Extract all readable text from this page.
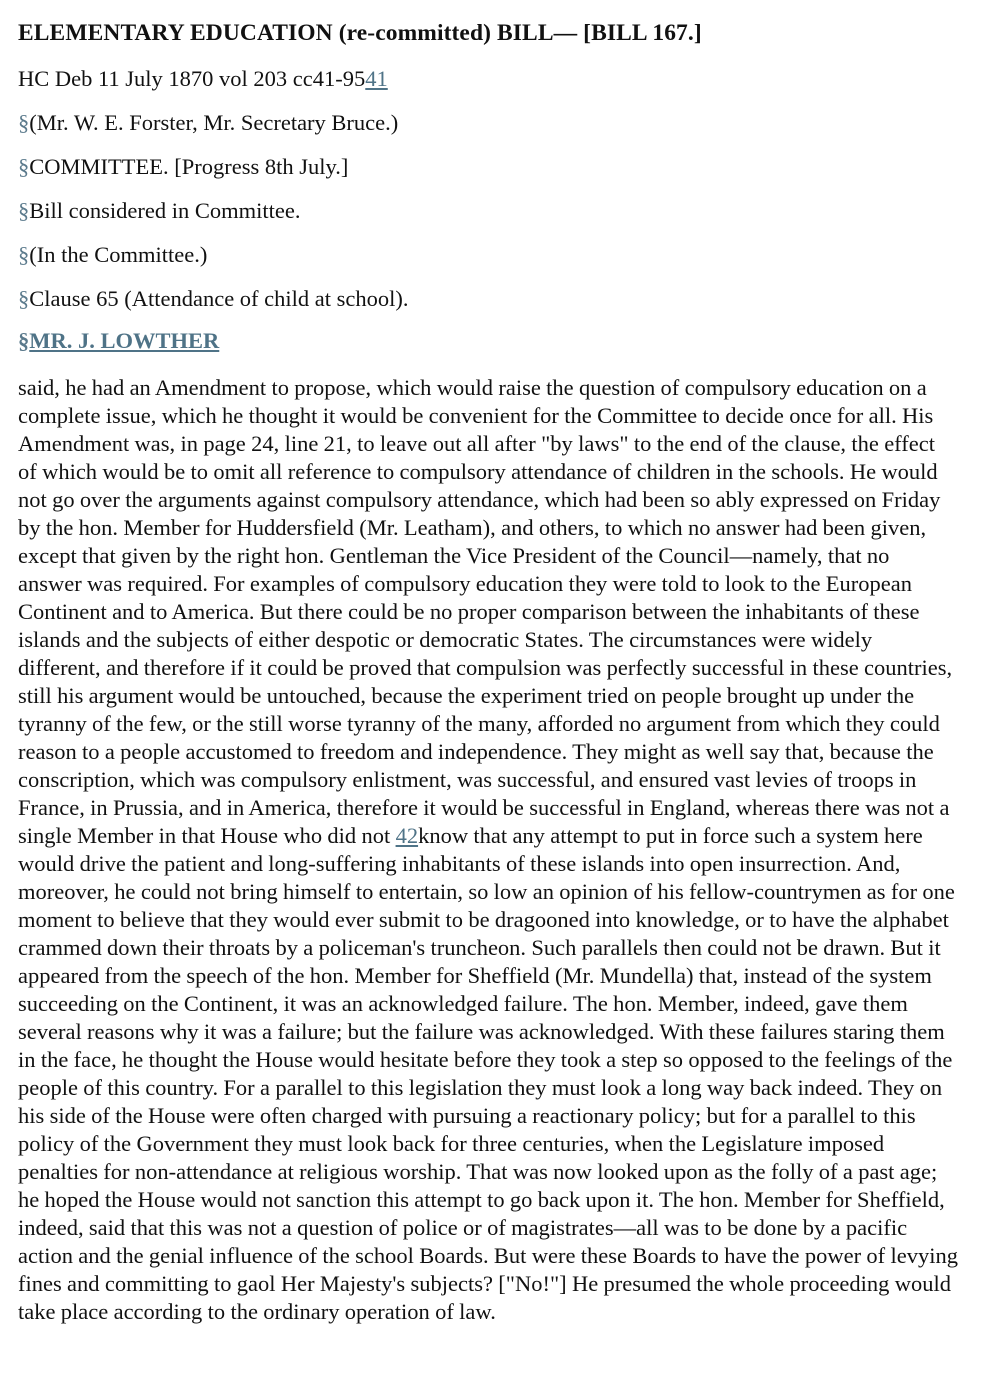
ELEMENTARY EDUCATION (re-committed) BILL— [BILL 167.]
HC Deb 11 July 1870 vol 203 cc41-9541
§(Mr. W. E. Forster, Mr. Secretary Bruce.)
§COMMITTEE. [Progress 8th July.]
§Bill considered in Committee.
§(In the Committee.)
§Clause 65 (Attendance of child at school).
§MR. J. LOWTHER
said, he had an Amendment to propose, which would raise the question of compulsory education on a complete issue, which he thought it would be convenient for the Committee to decide once for all. His Amendment was, in page 24, line 21, to leave out all after "by laws" to the end of the clause, the effect of which would be to omit all reference to compulsory attendance of children in the schools. He would not go over the arguments against compulsory attendance, which had been so ably expressed on Friday by the hon. Member for Huddersfield (Mr. Leatham), and others, to which no answer had been given, except that given by the right hon. Gentleman the Vice President of the Council—namely, that no answer was required. For examples of compulsory education they were told to look to the European Continent and to America. But there could be no proper comparison between the inhabitants of these islands and the subjects of either despotic or democratic States. The circumstances were widely different, and therefore if it could be proved that compulsion was perfectly successful in these countries, still his argument would be untouched, because the experiment tried on people brought up under the tyranny of the few, or the still worse tyranny of the many, afforded no argument from which they could reason to a people accustomed to freedom and independence. They might as well say that, because the conscription, which was compulsory enlistment, was successful, and ensured vast levies of troops in France, in Prussia, and in America, therefore it would be successful in England, whereas there was not a single Member in that House who did not 42know that any attempt to put in force such a system here would drive the patient and long-suffering inhabitants of these islands into open insurrection. And, moreover, he could not bring himself to entertain, so low an opinion of his fellow-countrymen as for one moment to believe that they would ever submit to be dragooned into knowledge, or to have the alphabet crammed down their throats by a policeman's truncheon. Such parallels then could not be drawn. But it appeared from the speech of the hon. Member for Sheffield (Mr. Mundella) that, instead of the system succeeding on the Continent, it was an acknowledged failure. The hon. Member, indeed, gave them several reasons why it was a failure; but the failure was acknowledged. With these failures staring them in the face, he thought the House would hesitate before they took a step so opposed to the feelings of the people of this country. For a parallel to this legislation they must look a long way back indeed. They on his side of the House were often charged with pursuing a reactionary policy; but for a parallel to this policy of the Government they must look back for three centuries, when the Legislature imposed penalties for non-attendance at religious worship. That was now looked upon as the folly of a past age; he hoped the House would not sanction this attempt to go back upon it. The hon. Member for Sheffield, indeed, said that this was not a question of police or of magistrates—all was to be done by a pacific action and the genial influence of the school Boards. But were these Boards to have the power of levying fines and committing to gaol Her Majesty's subjects? ["No!"] He presumed the whole proceeding would take place according to the ordinary operation of law.
